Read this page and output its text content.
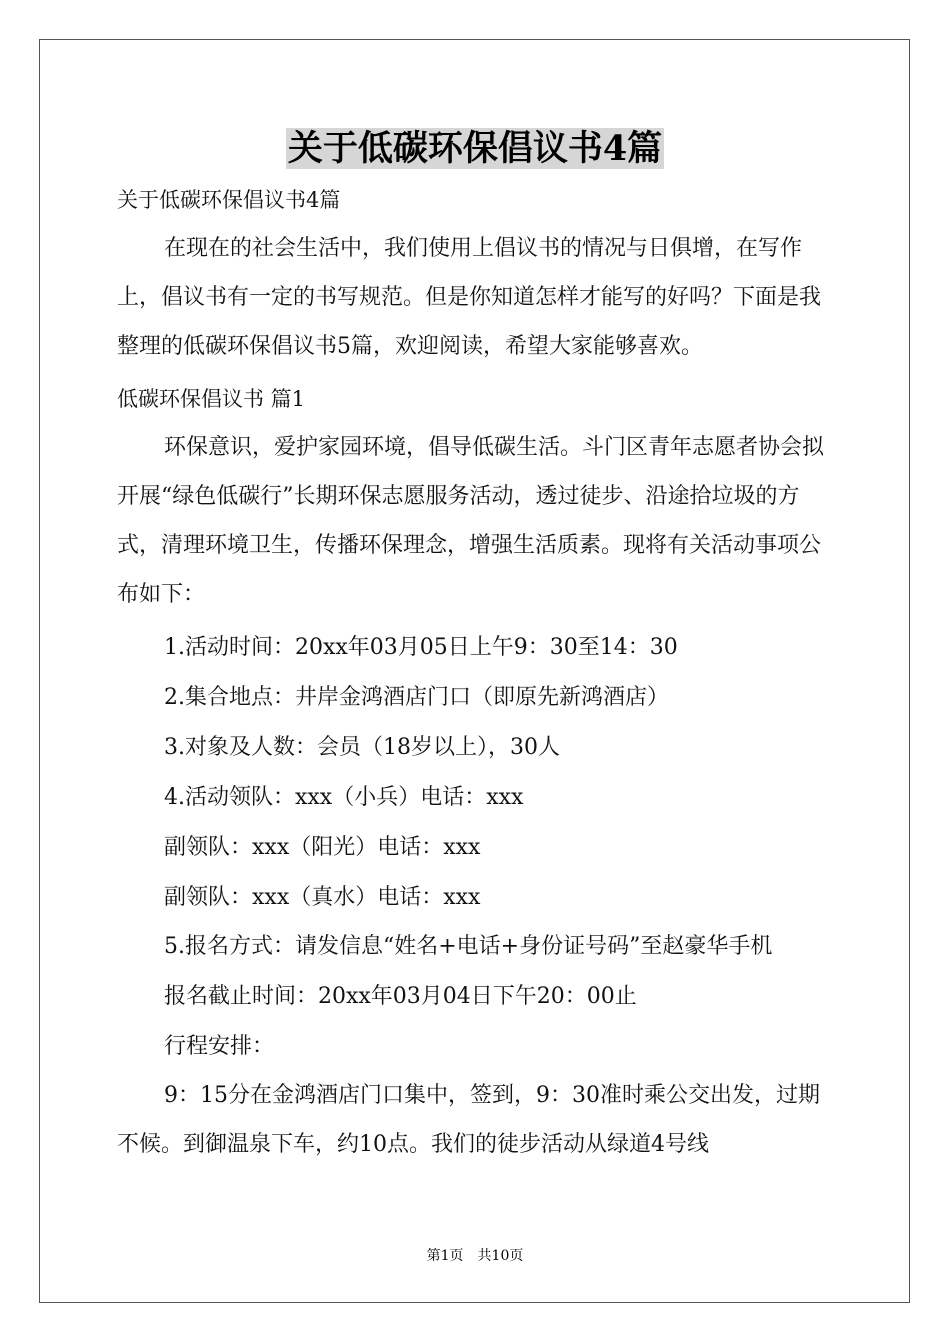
关于低碳环保倡议书4篇

关于低碳环保倡议书4篇

在现在的社会生活中，我们使用上倡议书的情况与日俱增，在写作上，倡议书有一定的书写规范。但是你知道怎样才能写的好吗？下面是我整理的低碳环保倡议书5篇，欢迎阅读，希望大家能够喜欢。

低碳环保倡议书 篇1

环保意识，爱护家园环境，倡导低碳生活。斗门区青年志愿者协会拟开展“绿色低碳行”长期环保志愿服务活动，透过徒步、沿途拾垃圾的方式，清理环境卫生，传播环保理念，增强生活质素。现将有关活动事项公布如下：

1.活动时间：20xx年03月05日上午9：30至14：30
2.集合地点：井岸金鸿酒店门口（即原先新鸿酒店）
3.对象及人数：会员（18岁以上），30人
4.活动领队：xxx（小兵）电话：xxx
副领队：xxx（阳光）电话：xxx
副领队：xxx（真水）电话：xxx
5.报名方式：请发信息“姓名+电话+身份证号码”至赵豪华手机
报名截止时间：20xx年03月04日下午20：00止
行程安排：

9：15分在金鸿酒店门口集中，签到，9：30准时乘公交出发，过期不候。到御温泉下车，约10点。我们的徒步活动从绿道4号线

第1页　共10页
